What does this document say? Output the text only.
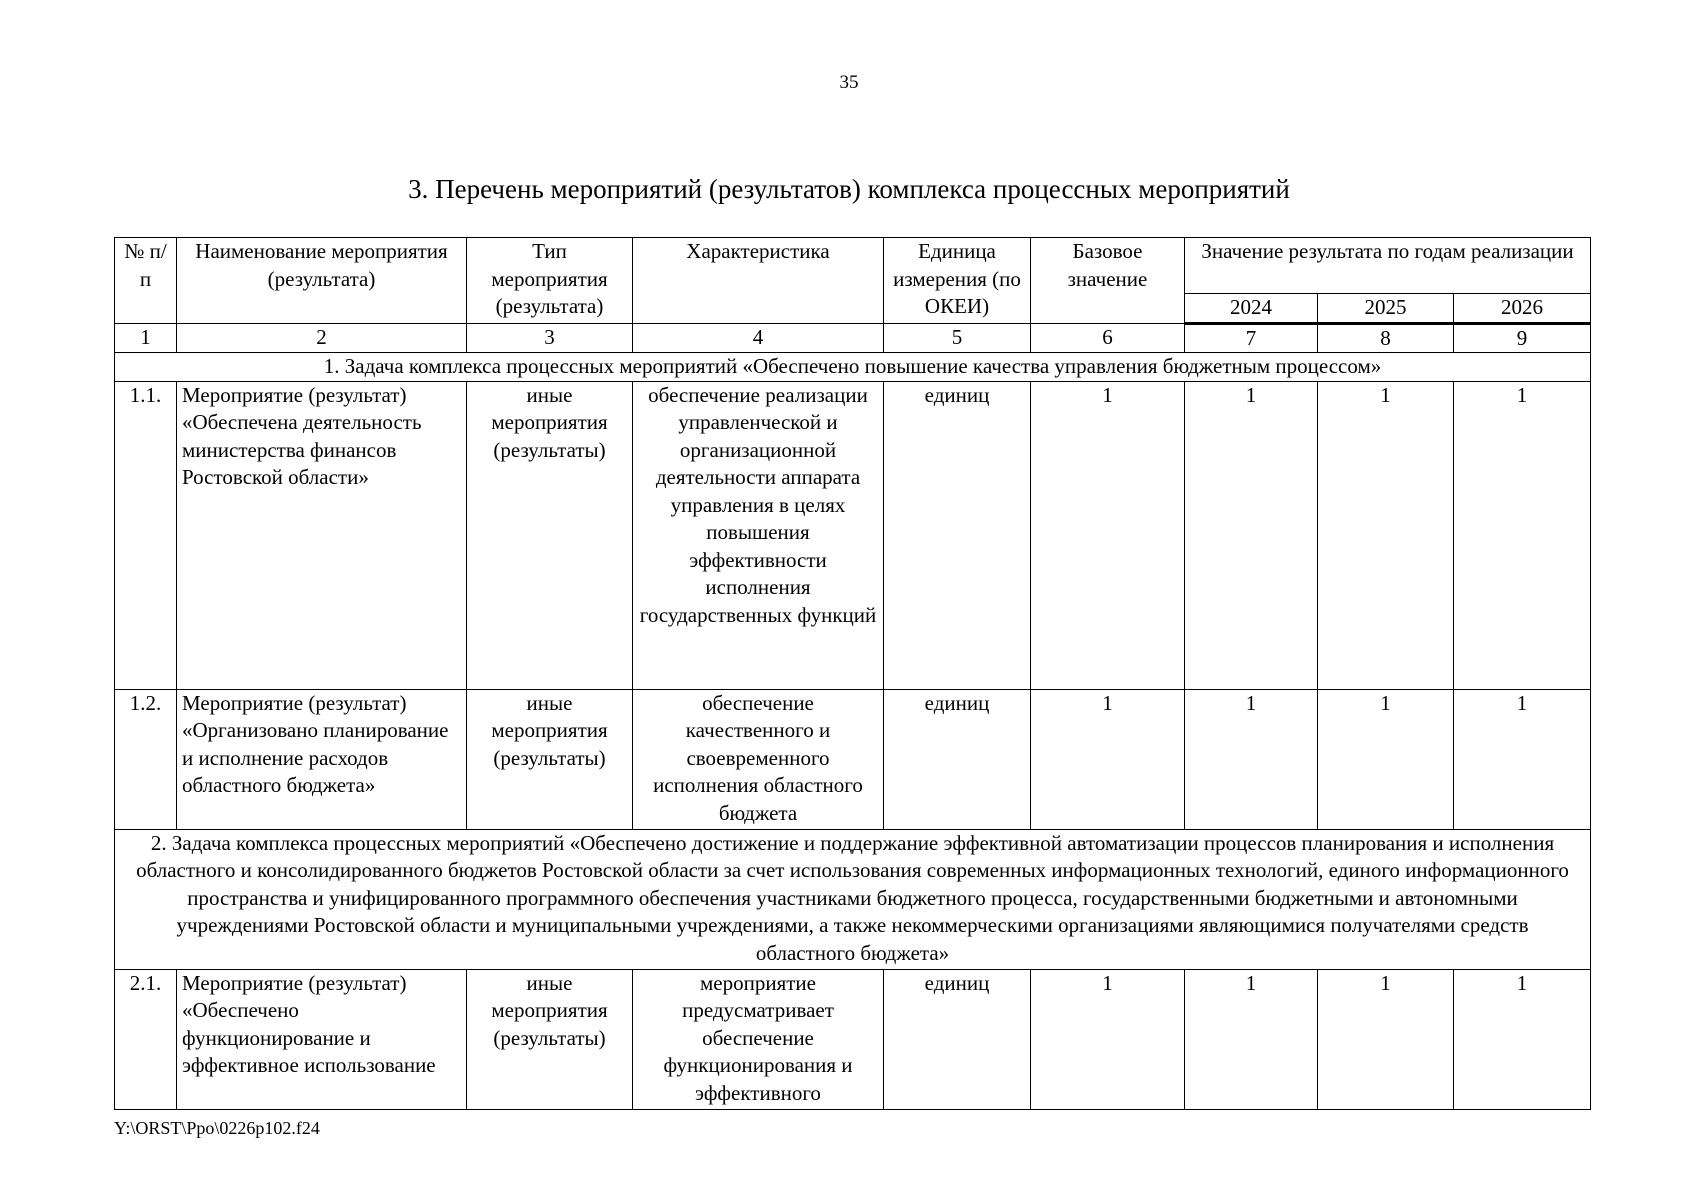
35
3. Перечень мероприятий (результатов) комплекса процессных мероприятий
№ п/п	Наименование мероприятия (результата)	Тип мероприятия (результата)	Характеристика	Единица измерения (по ОКЕИ)	Базовое значение	Значение результата по годам реализации		
						2024	2025	2026
1	2	3	4	5	6	7	8	9
1. Задача комплекса процессных мероприятий «Обеспечено повышение качества управления бюджетным процессом»								
1.1.	Мероприятие (результат) «Обеспечена деятельность министерства финансов Ростовской области»	иные мероприятия (результаты)	обеспечение реализации управленческой и организационной деятельности аппарата управления в целях повышения эффективности исполнения государственных функций	единиц	1	1	1	1
1.2.	Мероприятие (результат) «Организовано планирование и исполнение расходов областного бюджета»	иные мероприятия (результаты)	обеспечение качественного и своевременного исполнения областного бюджета	единиц	1	1	1	1
2. Задача комплекса процессных мероприятий «Обеспечено достижение и поддержание эффективной автоматизации процессов планирования и исполнения областного и консолидированного бюджетов Ростовской области за счет использования современных информационных технологий, единого информационного пространства и унифицированного программного обеспечения участниками бюджетного процесса, государственными бюджетными и автономными учреждениями Ростовской области и муниципальными учреждениями, а также некоммерческими организациями являющимися получателями средств областного бюджета»								
2.1.	Мероприятие (результат) «Обеспечено функционирование и эффективное использование	иные мероприятия (результаты)	мероприятие предусматривает обеспечение функционирования и эффективного	единиц	1	1	1	1
Y:\ORST\Ppo\0226p102.f24
